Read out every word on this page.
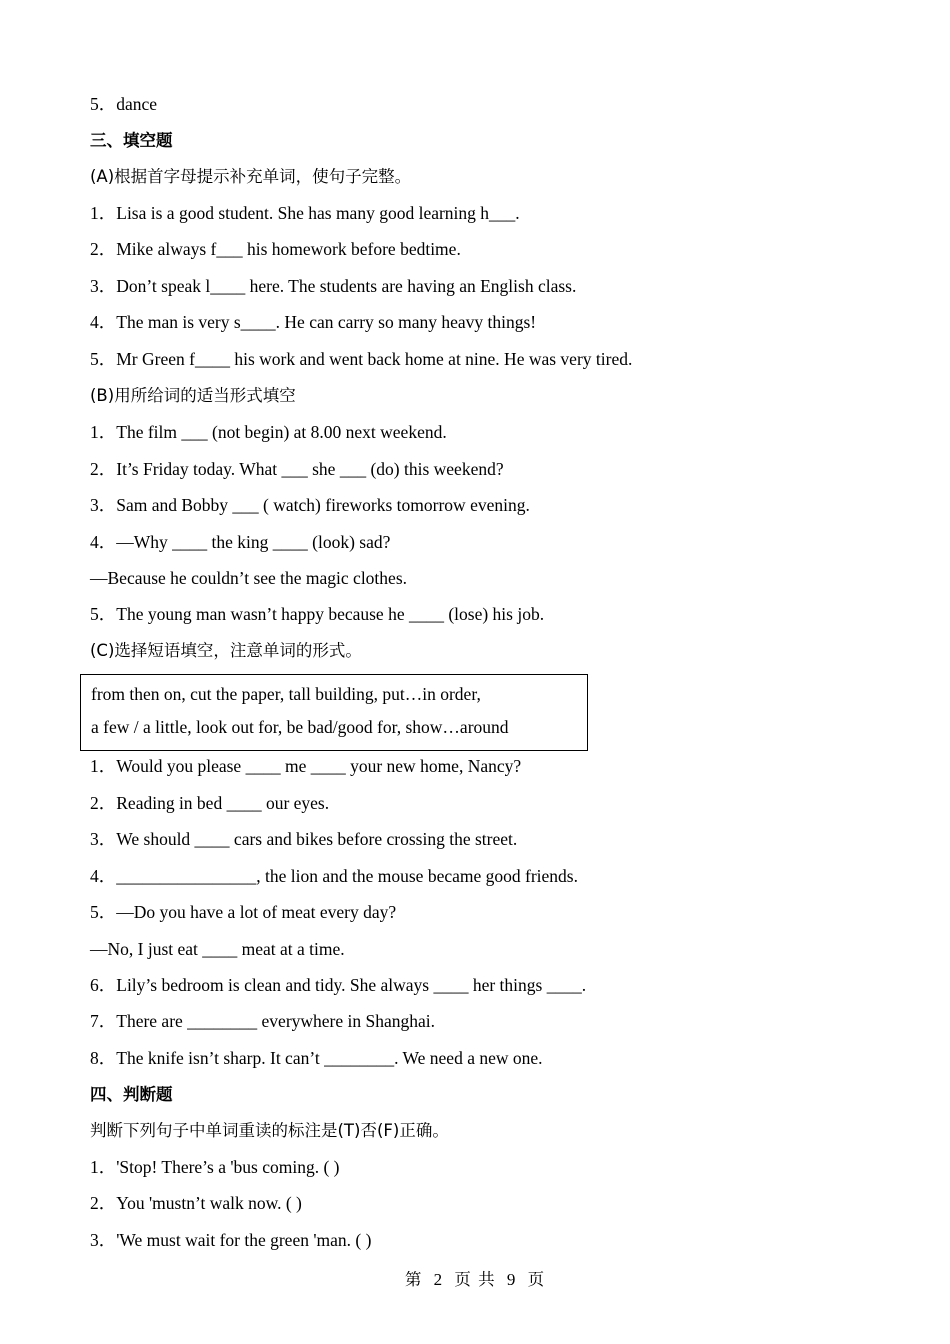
5．dance
三、填空题
(A)根据首字母提示补充单词，使句子完整。
1．Lisa is a good student. She has many good learning h___.
2．Mike always f___ his homework before bedtime.
3．Don’t speak l____ here. The students are having an English class.
4．The man is very s____. He can carry so many heavy things!
5．Mr Green f____ his work and went back home at nine. He was very tired.
(B)用所给词的适当形式填空
1．The film ___ (not begin) at 8.00 next weekend.
2．It’s Friday today. What ___ she ___ (do) this weekend?
3．Sam and Bobby ___ ( watch) fireworks tomorrow evening.
4．—Why ____ the king ____ (look) sad?
—Because he couldn’t see the magic clothes.
5．The young man wasn’t happy because he ____ (lose) his job.
(C)选择短语填空，注意单词的形式。
from then on, cut the paper, tall building, put…in order,
a few / a little, look out for, be bad/good for, show…around
1．Would you please ____ me ____ your new home, Nancy?
2．Reading in bed ____ our eyes.
3．We should ____ cars and bikes before crossing the street.
4．________________, the lion and the mouse became good friends.
5．—Do you have a lot of meat every day?
—No, I just eat ____ meat at a time.
6．Lily’s bedroom is clean and tidy. She always ____ her things ____.
7．There are ________ everywhere in Shanghai.
8．The knife isn’t sharp. It can’t ________. We need a new one.
四、判断题
判断下列句子中单词重读的标注是(T)否(F)正确。
1．'Stop! There’s a 'bus coming. ( )
2．You 'mustn’t walk now. ( )
3．'We must wait for the green 'man. ( )
第 2 页 共 9 页
